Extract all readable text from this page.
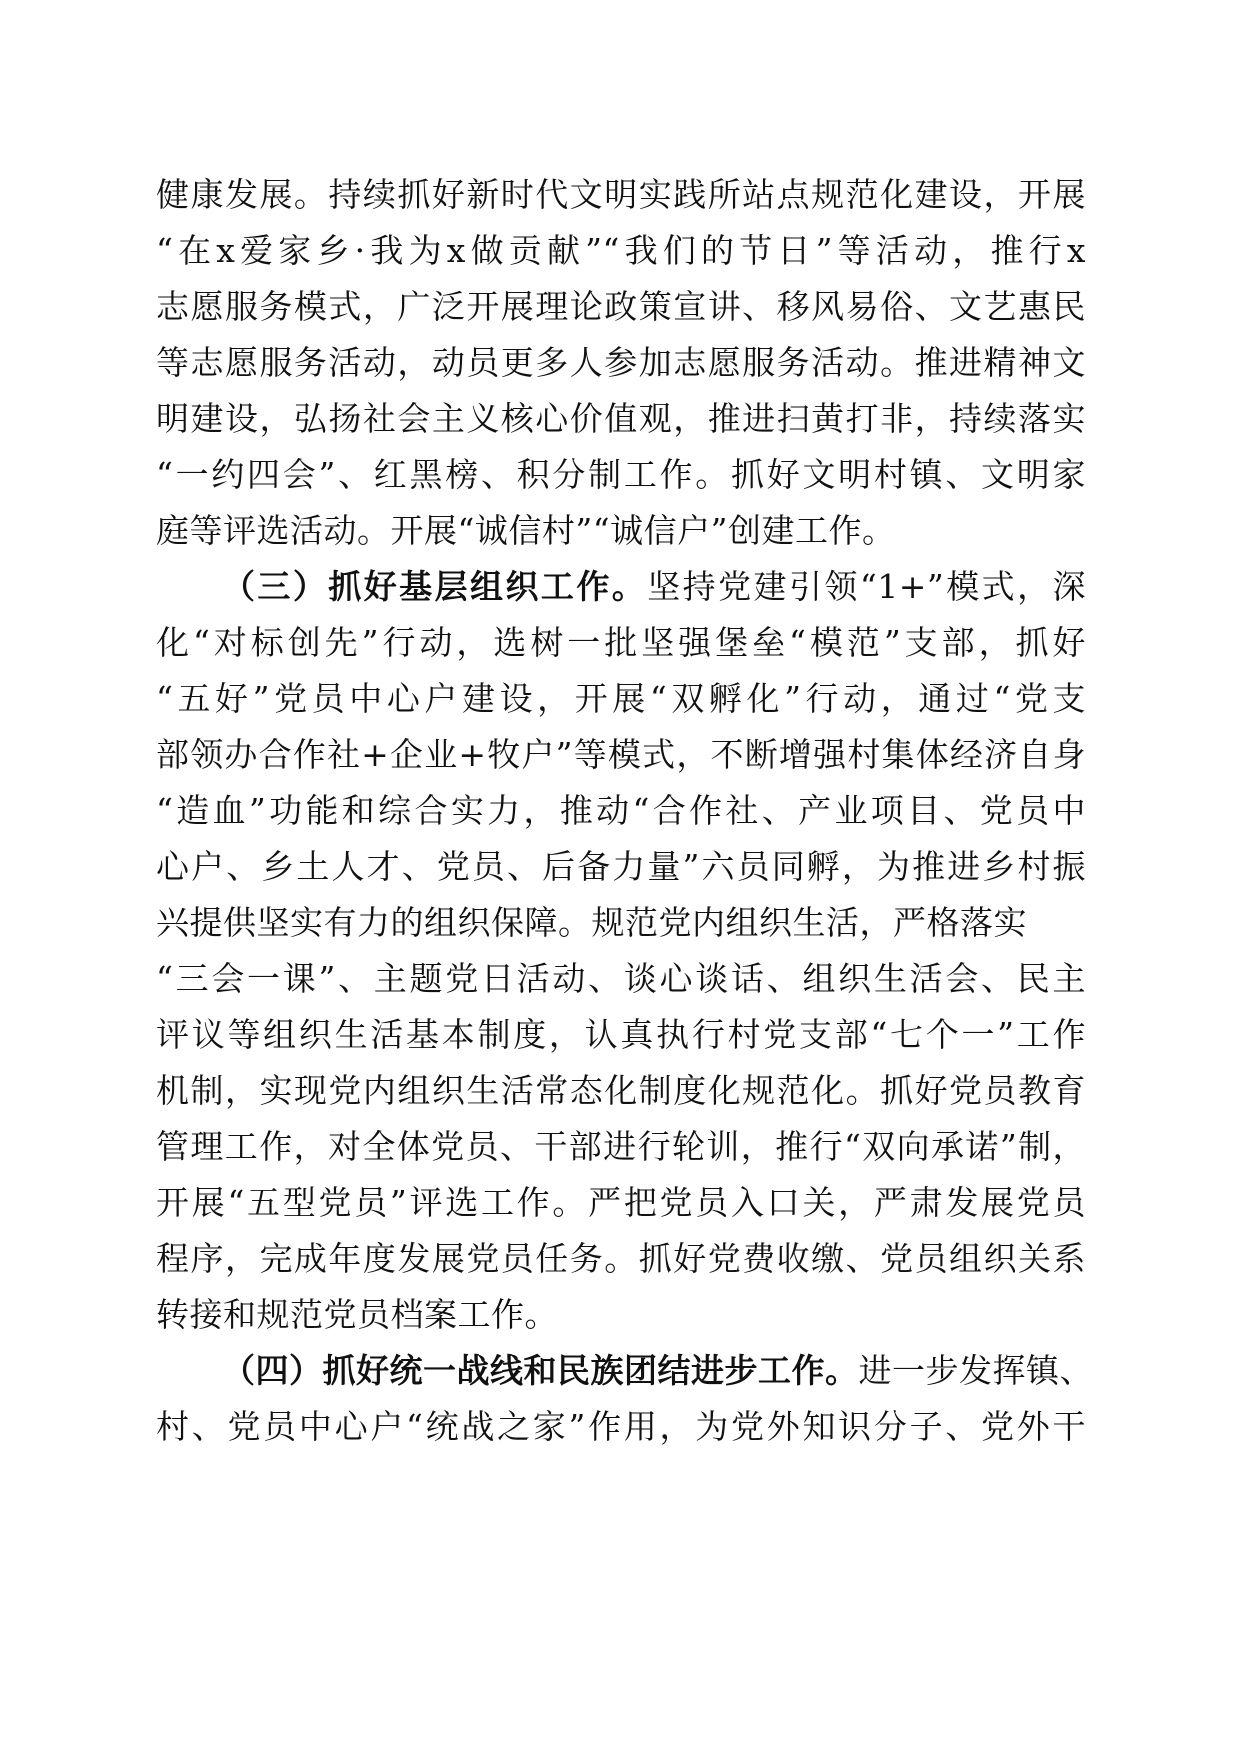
健康发展。持续抓好新时代文明实践所站点规范化建设，开展
“在x爱家乡·我为x做贡献”“我们的节日”等活动，推行x
志愿服务模式，广泛开展理论政策宣讲、移风易俗、文艺惠民
等志愿服务活动，动员更多人参加志愿服务活动。推进精神文
明建设，弘扬社会主义核心价值观，推进扫黄打非，持续落实
“一约四会”、红黑榜、积分制工作。抓好文明村镇、文明家
庭等评选活动。开展“诚信村”“诚信户”创建工作。
（三）抓好基层组织工作。坚持党建引领“1+”模式，深
化“对标创先”行动，选树一批坚强堡垒“模范”支部，抓好
“五好”党员中心户建设，开展“双孵化”行动，通过“党支
部领办合作社+企业+牧户”等模式，不断增强村集体经济自身
“造血”功能和综合实力，推动“合作社、产业项目、党员中
心户、乡土人才、党员、后备力量”六员同孵，为推进乡村振
兴提供坚实有力的组织保障。规范党内组织生活，严格落实
“三会一课”、主题党日活动、谈心谈话、组织生活会、民主
评议等组织生活基本制度，认真执行村党支部“七个一”工作
机制，实现党内组织生活常态化制度化规范化。抓好党员教育
管理工作，对全体党员、干部进行轮训，推行“双向承诺”制，
开展“五型党员”评选工作。严把党员入口关，严肃发展党员
程序，完成年度发展党员任务。抓好党费收缴、党员组织关系
转接和规范党员档案工作。
（四）抓好统一战线和民族团结进步工作。进一步发挥镇、
村、党员中心户“统战之家”作用，为党外知识分子、党外干
